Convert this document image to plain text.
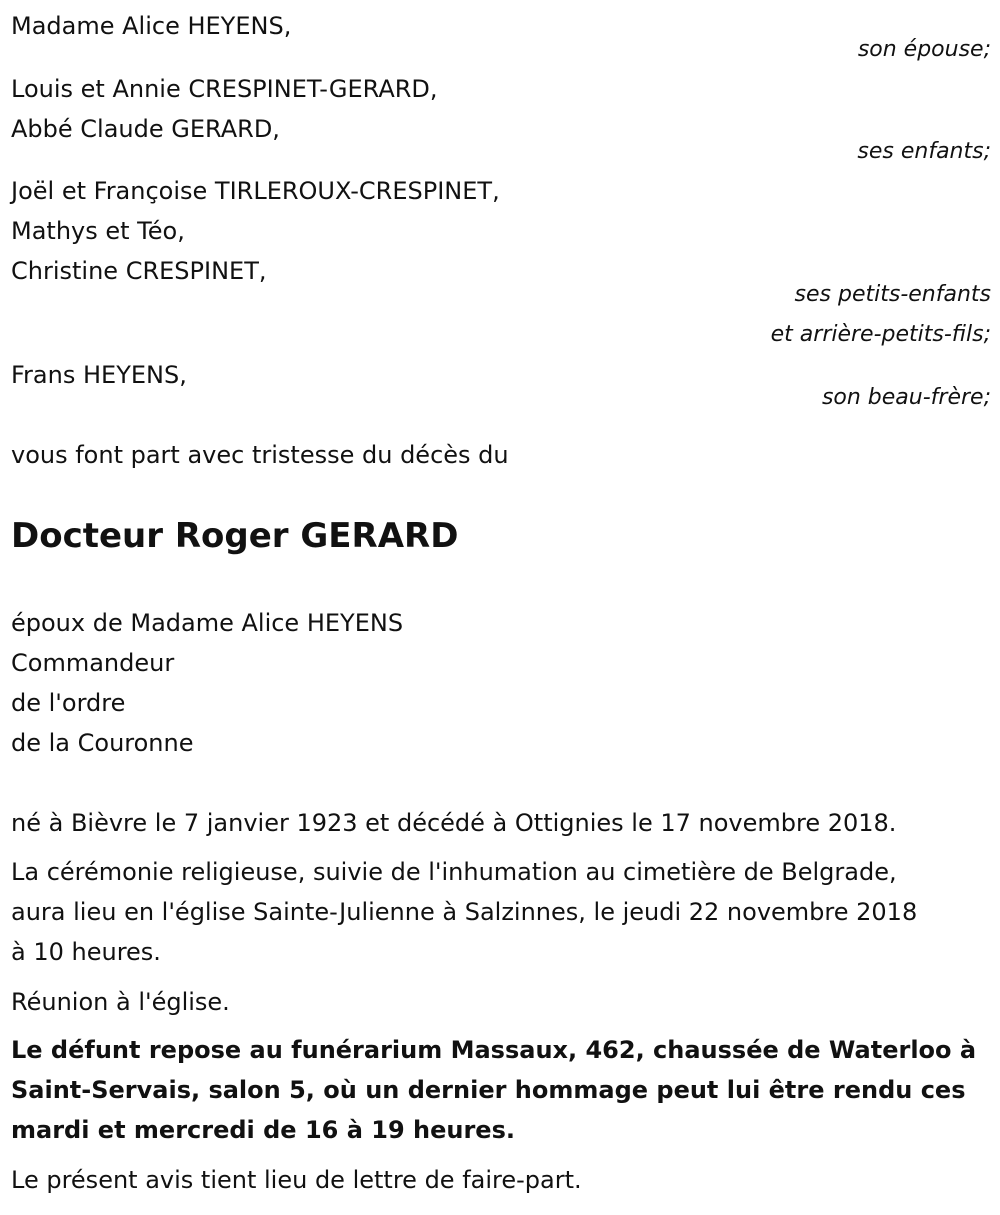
Madame Alice HEYENS,
son épouse;
Louis et Annie CRESPINET-GERARD,
Abbé Claude GERARD,
ses enfants;
Joël et Françoise TIRLEROUX-CRESPINET,
Mathys et Téo,
Christine CRESPINET,
ses petits-enfants
et arrière-petits-fils;
Frans HEYENS,
son beau-frère;
vous font part avec tristesse du décès du
Docteur Roger GERARD
époux de Madame Alice HEYENS
Commandeur
de l'ordre
de la Couronne
né à Bièvre le 7 janvier 1923 et décédé à Ottignies le 17 novembre 2018.
La cérémonie religieuse, suivie de l'inhumation au cimetière de Belgrade,
aura lieu en l'église Sainte-Julienne à Salzinnes, le jeudi 22 novembre 2018
à 10 heures.
Réunion à l'église.
Le défunt repose au funérarium Massaux, 462, chaussée de Waterloo à
Saint-Servais, salon 5, où un dernier hommage peut lui être rendu ces
mardi et mercredi de 16 à 19 heures.
Le présent avis tient lieu de lettre de faire-part.
